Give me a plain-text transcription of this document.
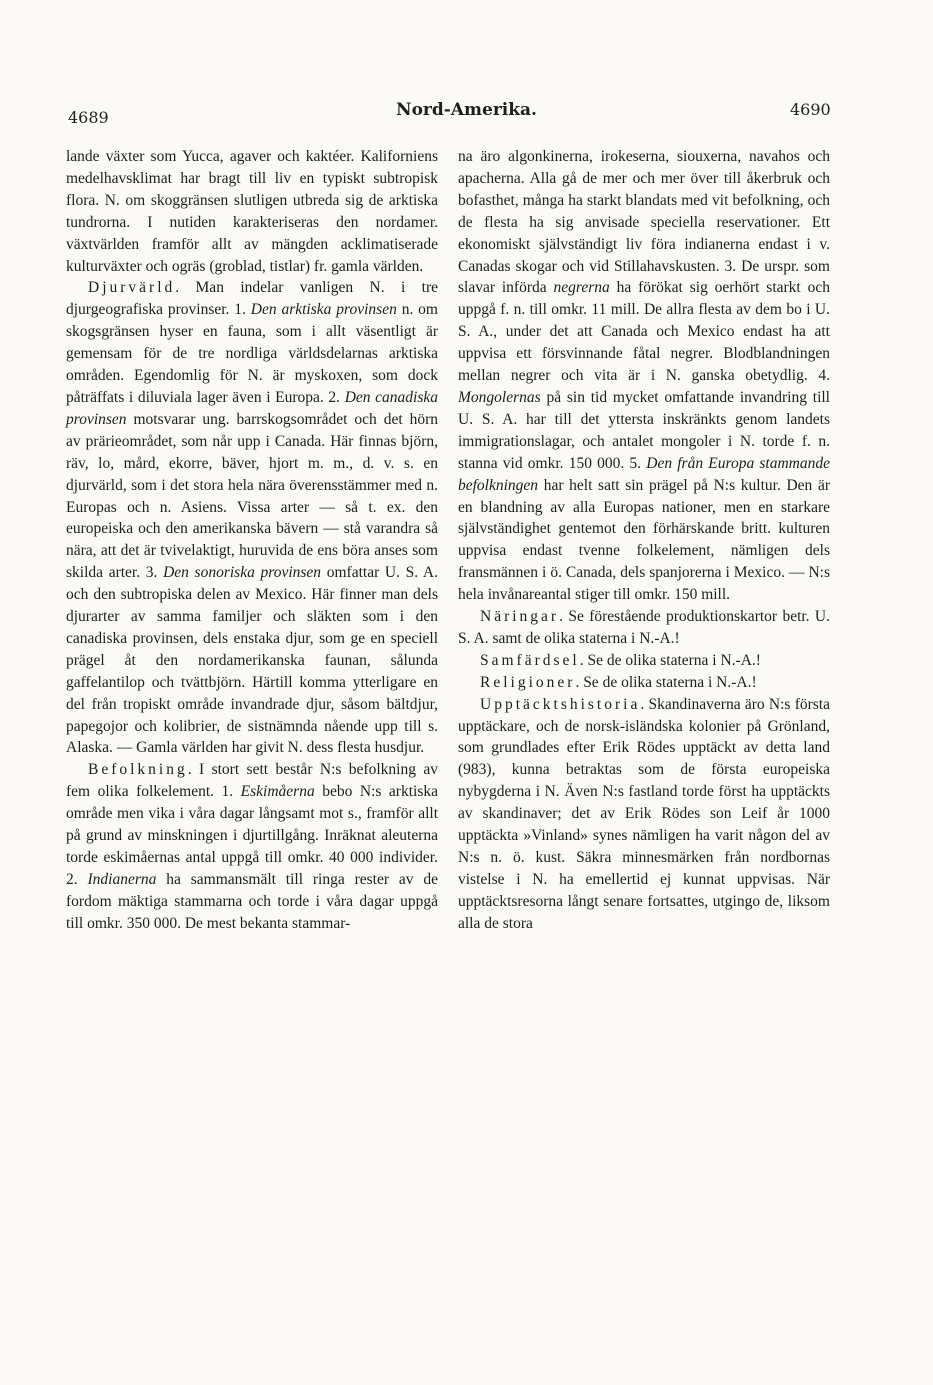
4689	Nord-Amerika.	4690

lande växter som Yucca, agaver och kaktéer. Kaliforniens medelhavsklimat har bragt till liv en typiskt subtropisk flora. N. om skoggränsen slutligen utbreda sig de arktiska tundrorna. I nutiden karakteriseras den nordamer. växtvärlden framför allt av mängden acklimatiserade kulturväxter och ogräs (groblad, tistlar) fr. gamla världen.

Djurvärld. Man indelar vanligen N. i tre djurgeografiska provinser. 1. Den arktiska provinsen n. om skogsgränsen hyser en fauna, som i allt väsentligt är gemensam för de tre nordliga världsdelarnas arktiska områden. Egendomlig för N. är myskoxen, som dock påträffats i diluviala lager även i Europa. 2. Den canadiska provinsen motsvarar ung. barrskogsområdet och det hörn av prärieområdet, som når upp i Canada. Här finnas björn, räv, lo, mård, ekorre, bäver, hjort m. m., d. v. s. en djurvärld, som i det stora hela nära överensstämmer med n. Europas och n. Asiens. Vissa arter — så t. ex. den europeiska och den amerikanska bävern — stå varandra så nära, att det är tvivelaktigt, huruvida de ens böra anses som skilda arter. 3. Den sonoriska provinsen omfattar U. S. A. och den subtropiska delen av Mexico. Här finner man dels djurarter av samma familjer och släkten som i den canadiska provinsen, dels enstaka djur, som ge en speciell prägel åt den nordamerikanska faunan, sålunda gaffelantilop och tvättbjörn. Härtill komma ytterligare en del från tropiskt område invandrade djur, såsom bältdjur, papegojor och kolibrier, de sistnämnda nående upp till s. Alaska. — Gamla världen har givit N. dess flesta husdjur.

Befolkning. I stort sett består N:s befolkning av fem olika folkelement. 1. Eskimåerna bebo N:s arktiska område men vika i våra dagar långsamt mot s., framför allt på grund av minskningen i djurtillgång. Inräknat aleuterna torde eskimåernas antal uppgå till omkr. 40 000 individer. 2. Indianerna ha sammansmält till ringa rester av de fordom mäktiga stammarna och torde i våra dagar uppgå till omkr. 350 000. De mest bekanta stammar-

na äro algonkinerna, irokeserna, siouxerna, navahos och apacherna. Alla gå de mer och mer över till åkerbruk och bofasthet, många ha starkt blandats med vit befolkning, och de flesta ha sig anvisade speciella reservationer. Ett ekonomiskt självständigt liv föra indianerna endast i v. Canadas skogar och vid Stillahavskusten. 3. De urspr. som slavar införda negrerna ha förökat sig oerhört starkt och uppgå f. n. till omkr. 11 mill. De allra flesta av dem bo i U. S. A., under det att Canada och Mexico endast ha att uppvisa ett försvinnande fåtal negrer. Blodblandningen mellan negrer och vita är i N. ganska obetydlig. 4. Mongolernas på sin tid mycket omfattande invandring till U. S. A. har till det yttersta inskränkts genom landets immigrationslagar, och antalet mongoler i N. torde f. n. stanna vid omkr. 150 000. 5. Den från Europa stammande befolkningen har helt satt sin prägel på N:s kultur. Den är en blandning av alla Europas nationer, men en starkare självständighet gentemot den förhärskande britt. kulturen uppvisa endast tvenne folkelement, nämligen dels fransmännen i ö. Canada, dels spanjorerna i Mexico. — N:s hela invånareantal stiger till omkr. 150 mill.

Näringar. Se förestående produktionskartor betr. U. S. A. samt de olika staterna i N.-A.!

Samfärdsel. Se de olika staterna i N.-A.!

Religioner. Se de olika staterna i N.-A.!

Upptäcktshistoria. Skandinaverna äro N:s första upptäckare, och de norsk-isländska kolonier på Grönland, som grundlades efter Erik Rödes upptäckt av detta land (983), kunna betraktas som de första europeiska nybygderna i N. Även N:s fastland torde först ha upptäckts av skandinaver; det av Erik Rödes son Leif år 1000 upptäckta »Vinland» synes nämligen ha varit någon del av N:s n. ö. kust. Säkra minnesmärken från nordbornas vistelse i N. ha emellertid ej kunnat uppvisas. När upptäcktsresorna långt senare fortsattes, utgingo de, liksom alla de stora
